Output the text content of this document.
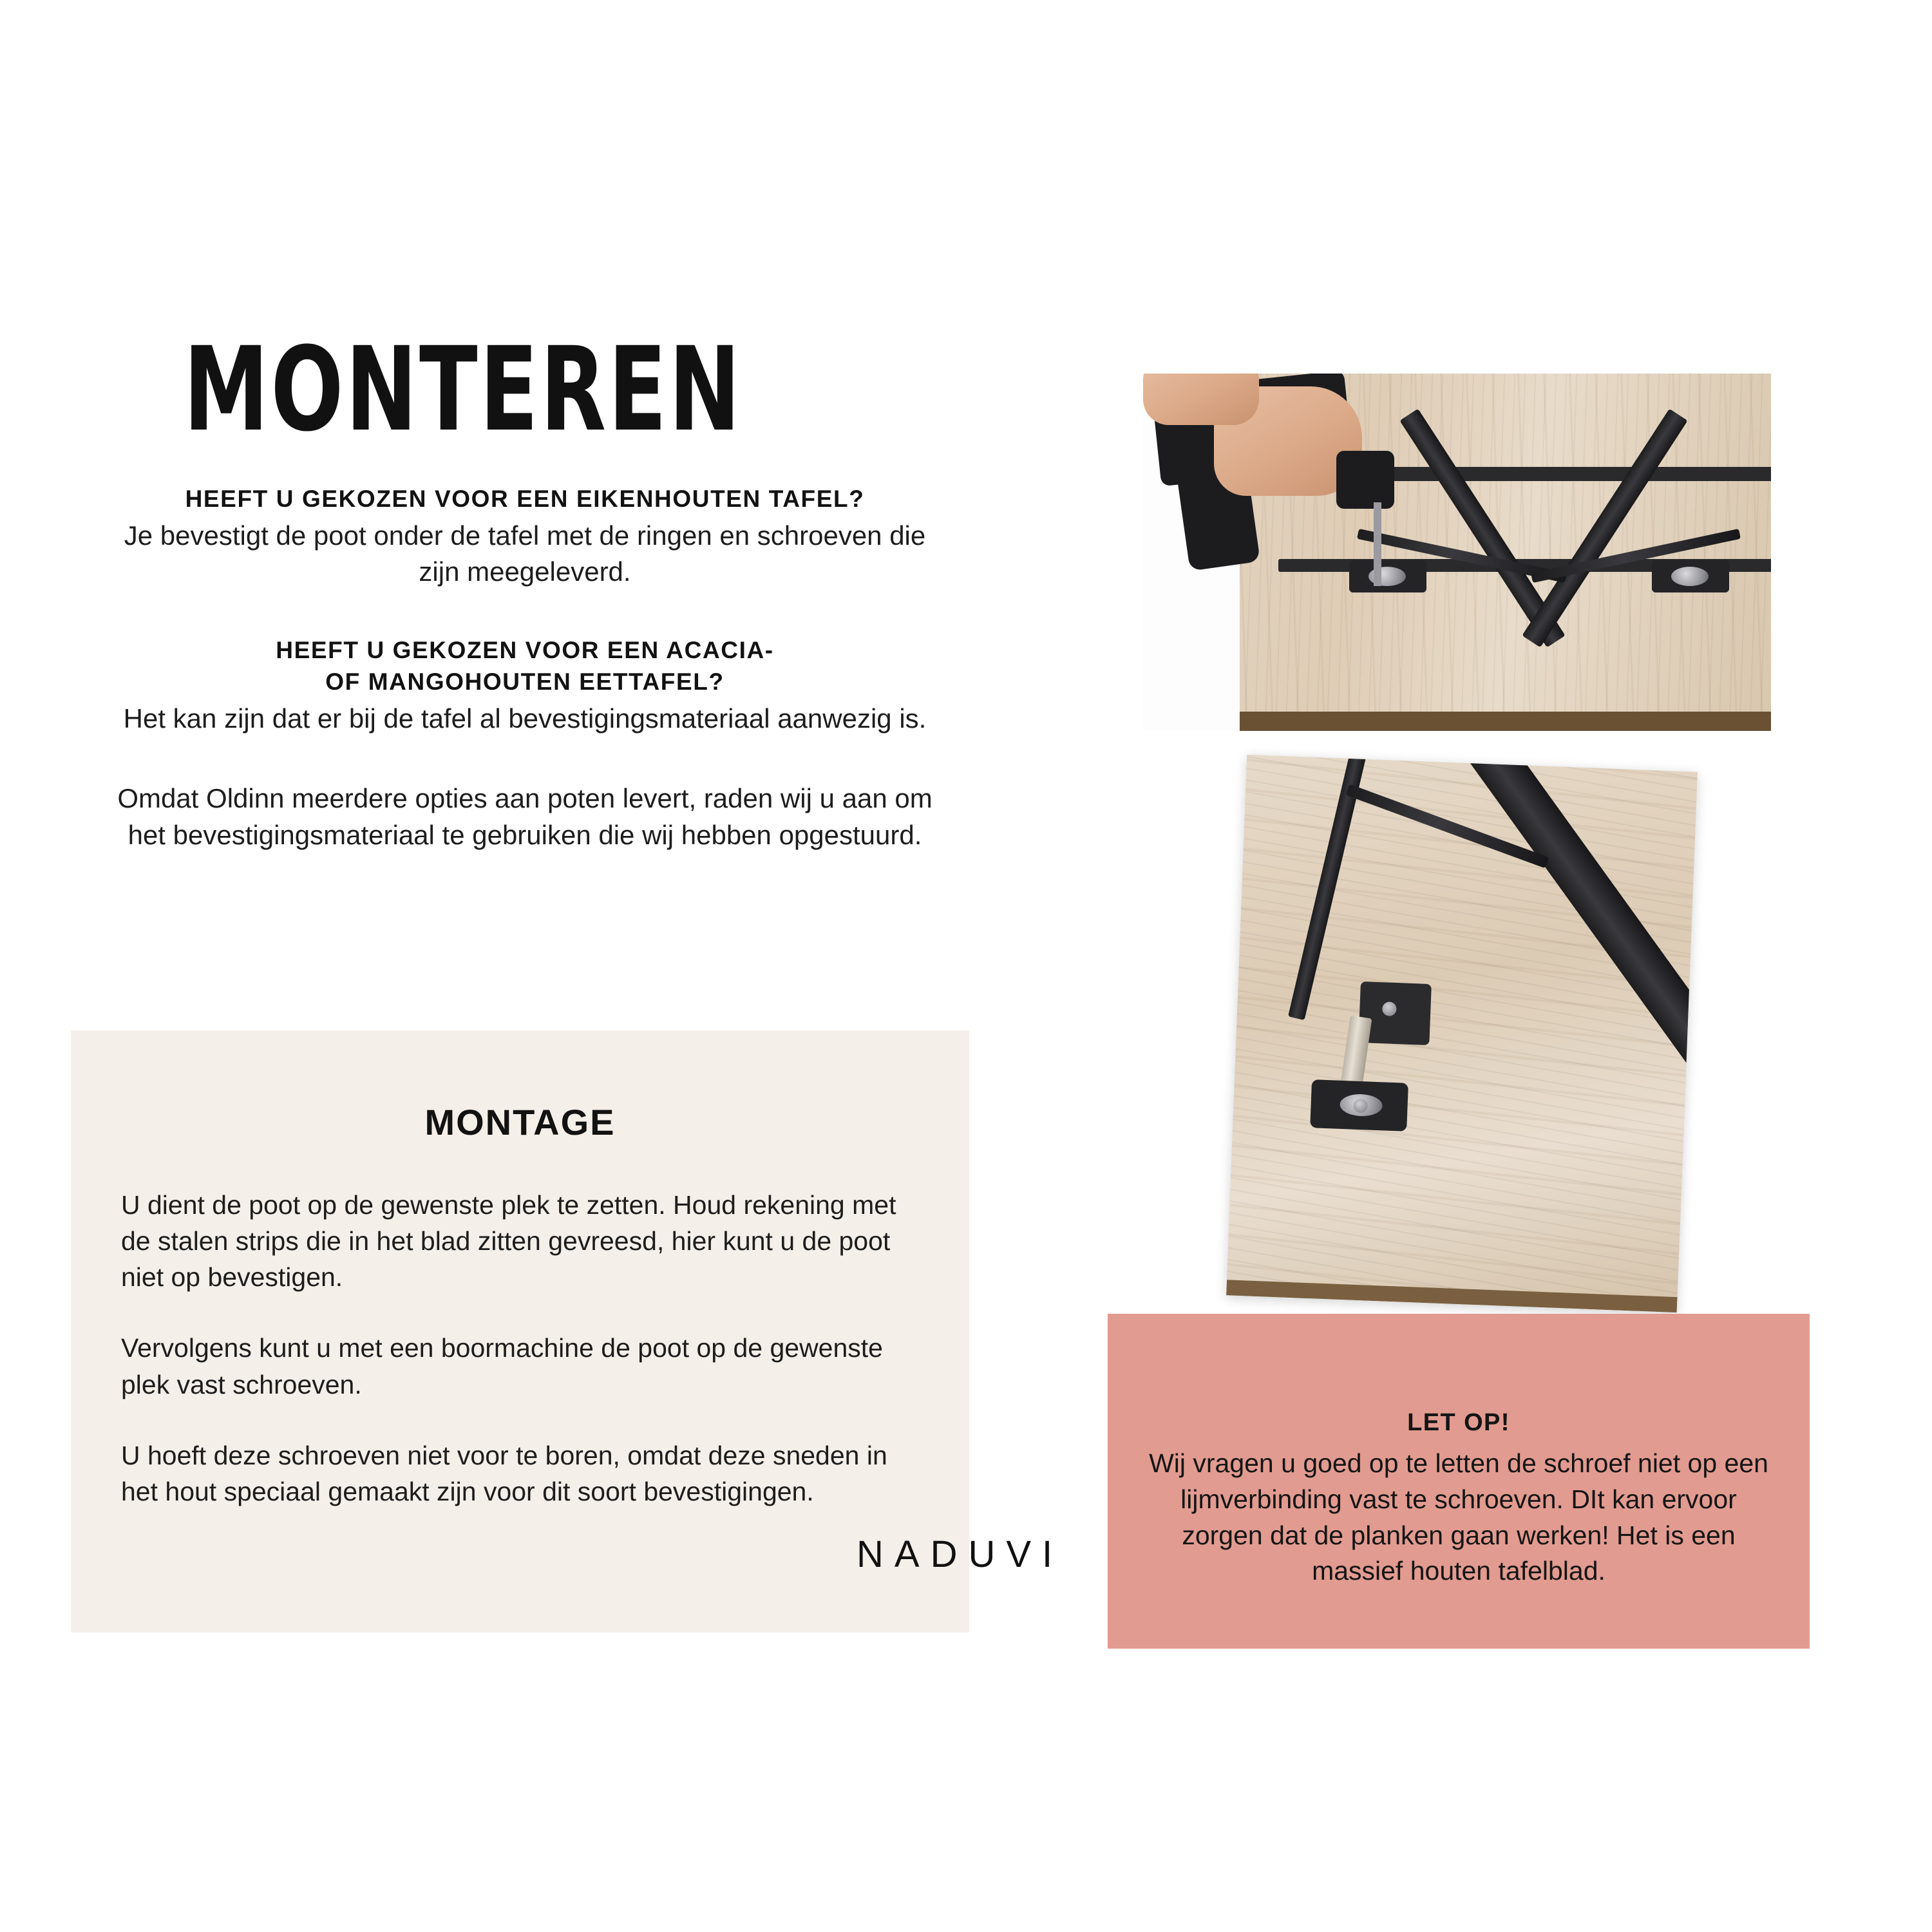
MONTEREN

HEEFT U GEKOZEN VOOR EEN EIKENHOUTEN TAFEL?

Je bevestigt de poot onder de tafel met de ringen en schroeven die zijn meegeleverd.

HEEFT U GEKOZEN VOOR EEN ACACIA-

OF MANGOHOUTEN EETTAFEL?

Het kan zijn dat er bij de tafel al bevestigingsmateriaal aanwezig is.

Omdat Oldinn meerdere opties aan poten levert, raden wij u aan om het bevestigingsmateriaal te gebruiken die wij hebben opgestuurd.

MONTAGE

U dient de poot op de gewenste plek te zetten. Houd rekening met de stalen strips die in het blad zitten gevreesd, hier kunt u de poot niet op bevestigen.

Vervolgens kunt u met een boormachine de poot op de gewenste plek vast schroeven.

U hoeft deze schroeven niet voor te boren, omdat deze sneden in het hout speciaal gemaakt zijn voor dit soort bevestigingen.

NADUVI

LET OP!

Wij vragen u goed op te letten de schroef niet op een lijmverbinding vast te schroeven. DIt kan ervoor zorgen dat de planken gaan werken! Het is een massief houten tafelblad.
